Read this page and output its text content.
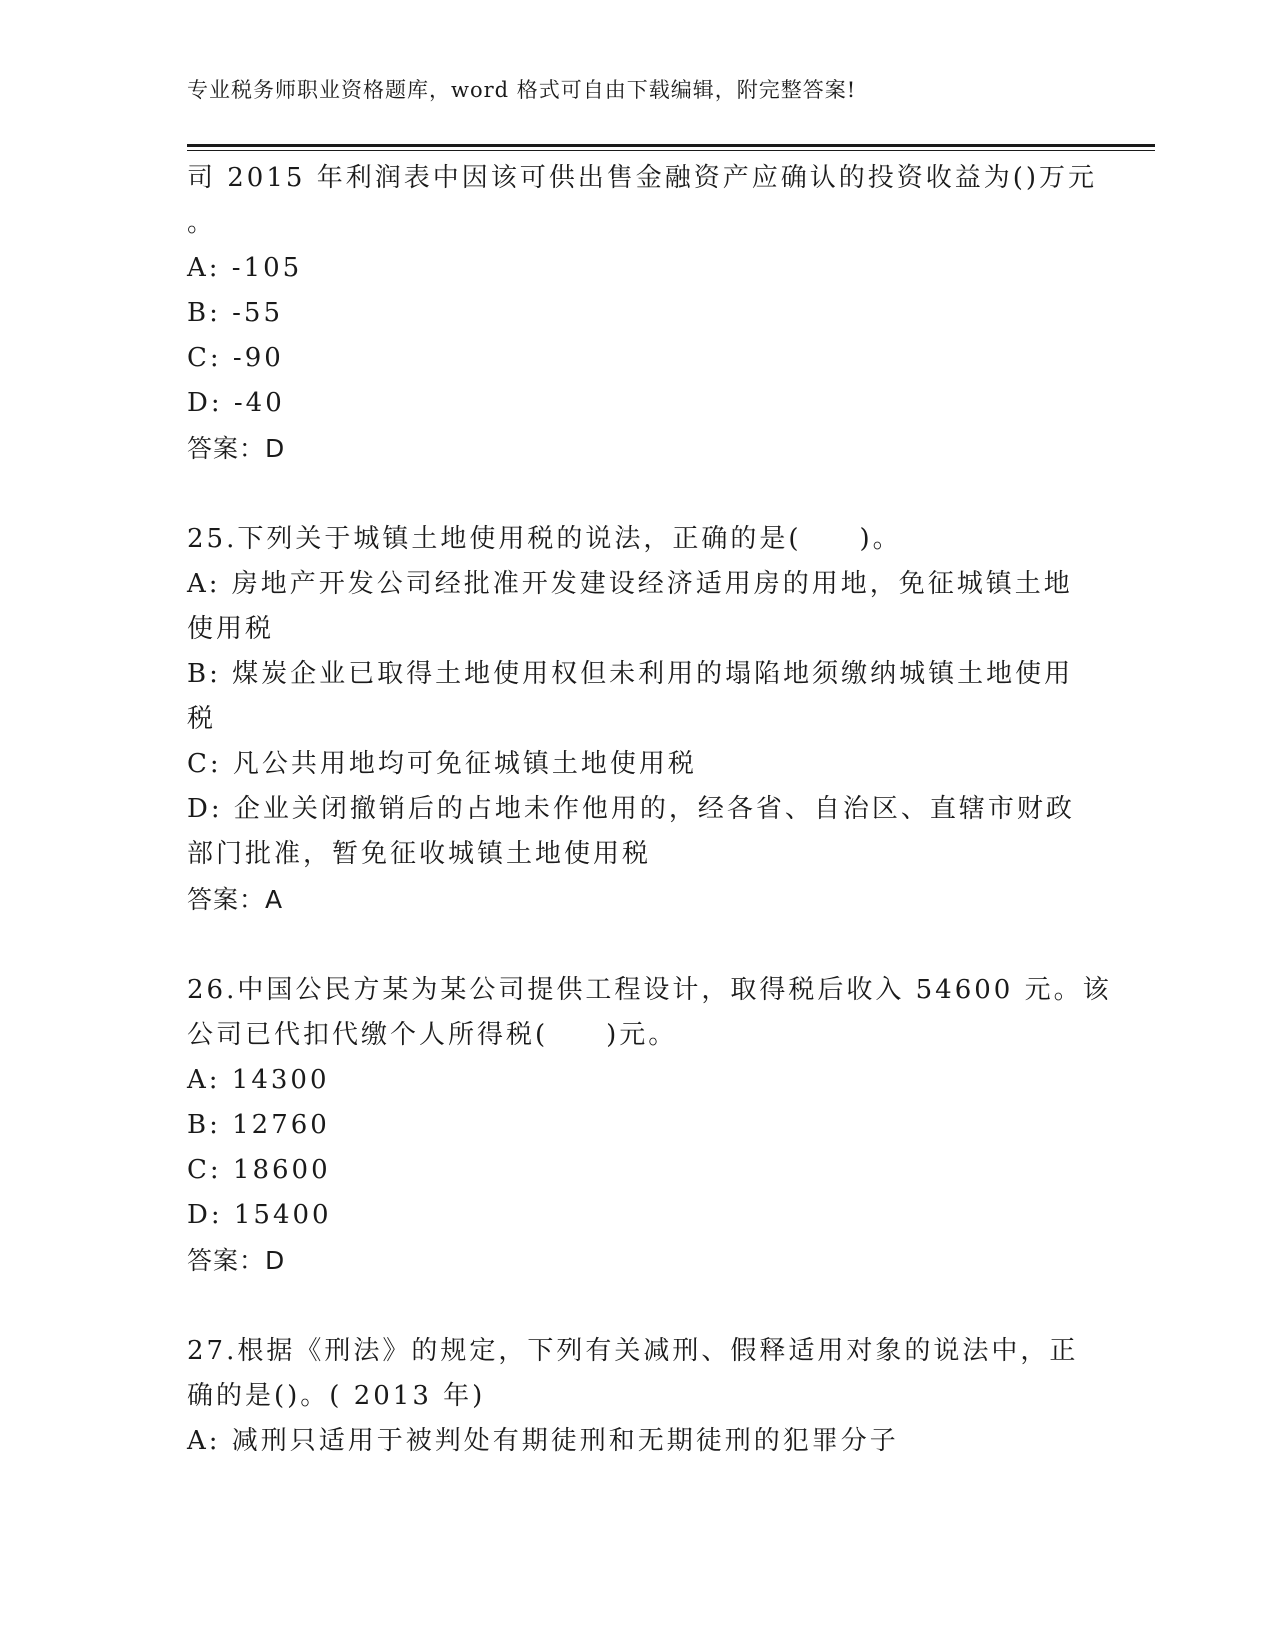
专业税务师职业资格题库，word 格式可自由下载编辑，附完整答案!
司 2015 年利润表中因该可供出售金融资产应确认的投资收益为()万元
。
A: -105
B: -55
C: -90
D: -40
答案：D
25.下列关于城镇土地使用税的说法，正确的是(　　)。
A: 房地产开发公司经批准开发建设经济适用房的用地，免征城镇土地
使用税
B: 煤炭企业已取得土地使用权但未利用的塌陷地须缴纳城镇土地使用
税
C: 凡公共用地均可免征城镇土地使用税
D: 企业关闭撤销后的占地未作他用的，经各省、自治区、直辖市财政
部门批准，暂免征收城镇土地使用税
答案：A
26.中国公民方某为某公司提供工程设计，取得税后收入 54600 元。该
公司已代扣代缴个人所得税(　　)元。
A: 14300
B: 12760
C: 18600
D: 15400
答案：D
27.根据《刑法》的规定，下列有关减刑、假释适用对象的说法中，正
确的是()。( 2013 年)
A: 减刑只适用于被判处有期徒刑和无期徒刑的犯罪分子
